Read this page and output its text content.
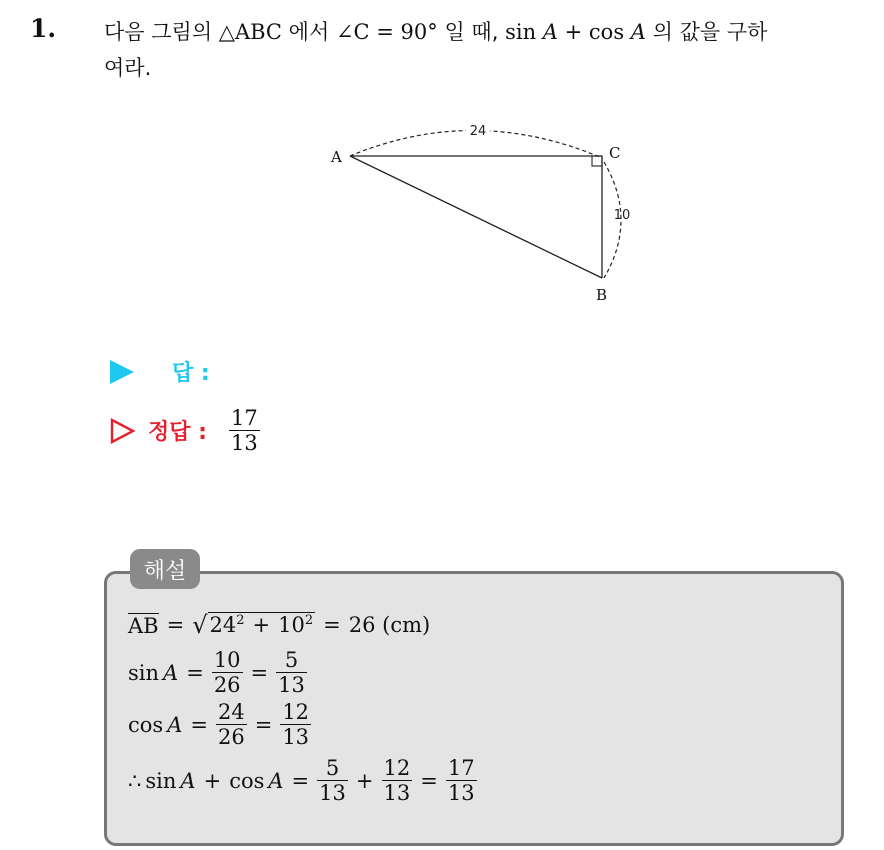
1. 다음 그림의 △ABC 에서 ∠C = 90° 일 때, sin A + cos A 의 값을 구하
여라.
24
10
A	C
B
답 :
정답 : $\frac{17}{13}$
해설
AB = √ $24^2 + 10^2 = 26$ (cm)
$\sin A = \frac{10}{26} = \frac{5}{13}$
$\cos A = \frac{24}{26} = \frac{12}{13}$
∴ $\sin A + \cos A = \frac{5}{13} + \frac{12}{13} = \frac{17}{13}$
